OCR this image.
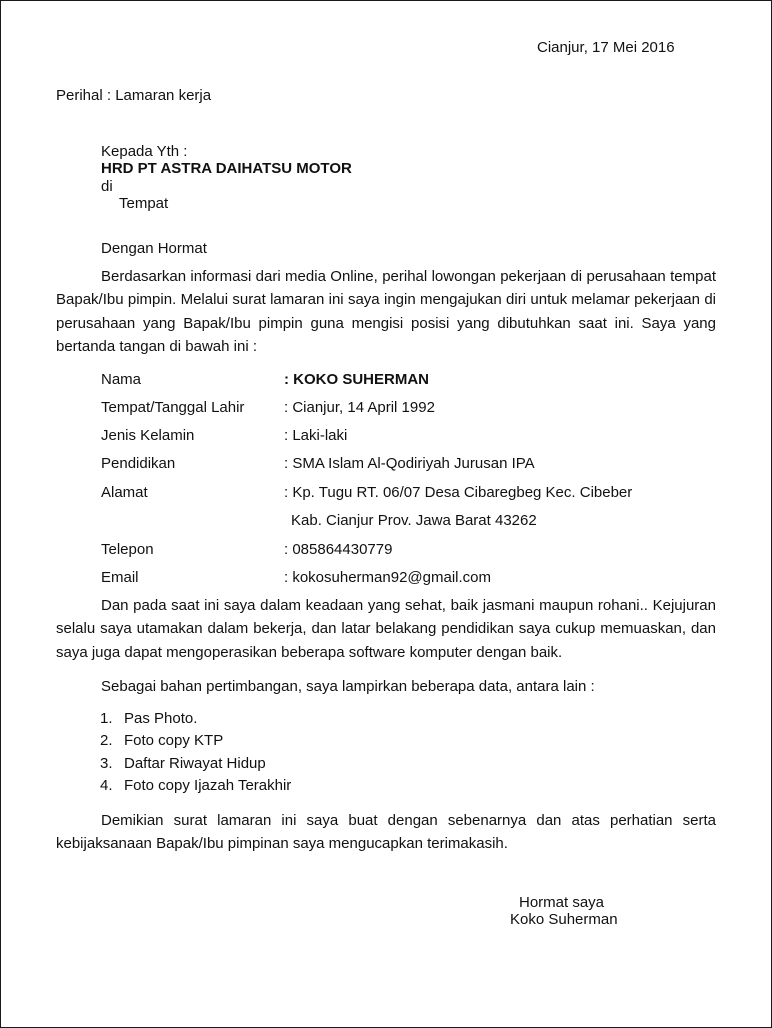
Cianjur, 17 Mei 2016

Perihal : Lamaran kerja

Kepada Yth :

HRD PT ASTRA DAIHATSU MOTOR

di

Tempat

Dengan Hormat

Berdasarkan informasi dari media Online, perihal lowongan pekerjaan di perusahaan tempat
Bapak/Ibu pimpin. Melalui surat lamaran ini saya ingin mengajukan diri untuk melamar pekerjaan di
perusahaan yang Bapak/Ibu pimpin guna mengisi posisi yang dibutuhkan saat ini. Saya yang
bertanda tangan di bawah ini :
Nama	: KOKO SUHERMAN
Tempat/Tanggal Lahir	: Cianjur, 14 April 1992
Jenis Kelamin	: Laki-laki
Pendidikan	: SMA Islam Al-Qodiriyah Jurusan IPA
Alamat	: Kp. Tugu RT. 06/07 Desa Cibaregbeg Kec. Cibeber
Kab. Cianjur Prov. Jawa Barat 43262
Telepon	: 085864430779
Email	: kokosuherman92@gmail.com
Dan pada saat ini saya dalam keadaan yang sehat, baik jasmani maupun rohani.. Kejujuran
selalu saya utamakan dalam bekerja, dan latar belakang pendidikan saya cukup memuaskan, dan
saya juga dapat mengoperasikan beberapa software komputer dengan baik.

Sebagai bahan pertimbangan, saya lampirkan beberapa data, antara lain :

1. Pas Photo.
2. Foto copy KTP
3. Daftar Riwayat Hidup
4. Foto copy Ijazah Terakhir
Demikian surat lamaran ini saya buat dengan sebenarnya dan atas perhatian serta
kebijaksanaan Bapak/Ibu pimpinan saya mengucapkan terimakasih.

Hormat saya

Koko Suherman
